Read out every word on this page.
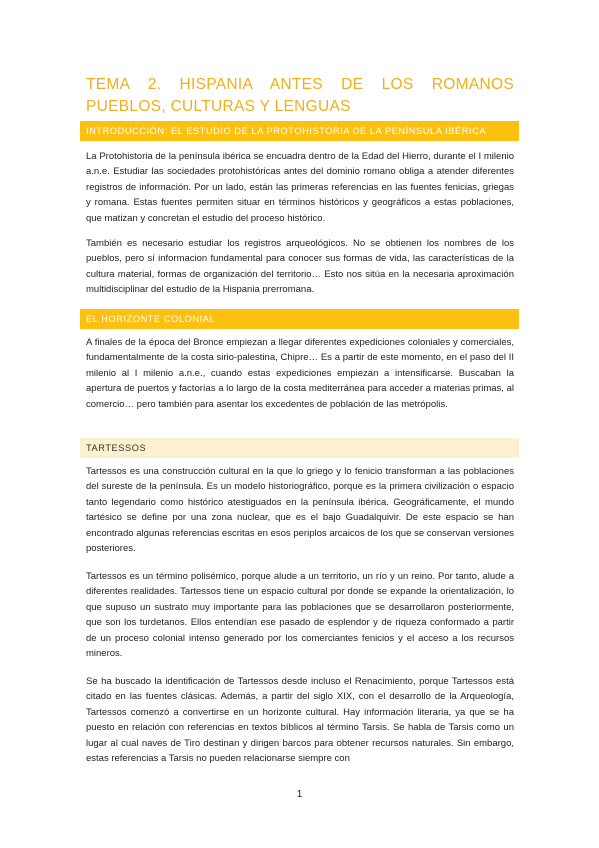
TEMA 2. HISPANIA ANTES DE LOS ROMANOS PUEBLOS, CULTURAS Y LENGUAS
INTRODUCCIÓN: EL ESTUDIO DE LA PROTOHISTORIA DE LA PENÍNSULA IBÉRICA
La Protohistoria de la península ibérica se encuadra dentro de la Edad del Hierro, durante el I milenio a.n.e. Estudiar las sociedades protohistóricas antes del dominio romano obliga a atender diferentes registros de información. Por un lado, están las primeras referencias en las fuentes fenicias, griegas y romana. Estas fuentes permiten situar en términos históricos y geográficos a estas poblaciones, que matizan y concretan el estudio del proceso histórico.
También es necesario estudiar los registros arqueológicos. No se obtienen los nombres de los pueblos, pero sí informacion fundamental para conocer sus formas de vida, las características de la cultura material, formas de organización del territorio… Esto nos sitúa en la necesaria aproximación multidisciplinar del estudio de la Hispania prerromana.
EL HORIZONTE COLONIAL
A finales de la época del Bronce empiezan a llegar diferentes expediciones coloniales y comerciales, fundamentalmente de la costa sirio-palestina, Chipre… Es a partir de este momento, en el paso del II milenio al I milenio a.n.e., cuando estas expediciones empiezan a intensificarse. Buscaban la apertura de puertos y factorías a lo largo de la costa mediterránea para acceder a materias primas, al comercio… pero también para asentar los excedentes de población de las metrópolis.
TARTESSOS
Tartessos es una construcción cultural en la que lo griego y lo fenicio transforman a las poblaciones del sureste de la península. Es un modelo historiográfico, porque es la primera civilización o espacio tanto legendario como histórico atestiguados en la península ibérica. Geográficamente, el mundo tartésico se define por una zona nuclear, que es el bajo Guadalquivir. De este espacio se han encontrado algunas referencias escritas en esos periplos arcaicos de los que se conservan versiones posteriores.
Tartessos es un término polisémico, porque alude a un territorio, un río y un reino. Por tanto, alude a diferentes realidades. Tartessos tiene un espacio cultural por donde se expande la orientalización, lo que supuso un sustrato muy importante para las poblaciones que se desarrollaron posteriormente, que son los turdetanos. Ellos entendían ese pasado de esplendor y de riqueza conformado a partir de un proceso colonial intenso generado por los comerciantes fenicios y el acceso a los recursos mineros.
Se ha buscado la identificación de Tartessos desde incluso el Renacimiento, porque Tartessos está citado en las fuentes clásicas. Además, a partir del siglo XIX, con el desarrollo de la Arqueología, Tartessos comenzó a convertirse en un horizonte cultural. Hay información literaria, ya que se ha puesto en relación con referencias en textos bíblicos al término Tarsis. Se habla de Tarsis como un lugar al cual naves de Tiro destinan y dirigen barcos para obtener recursos naturales. Sin embargo, estas referencias a Tarsis no pueden relacionarse siempre con
1
